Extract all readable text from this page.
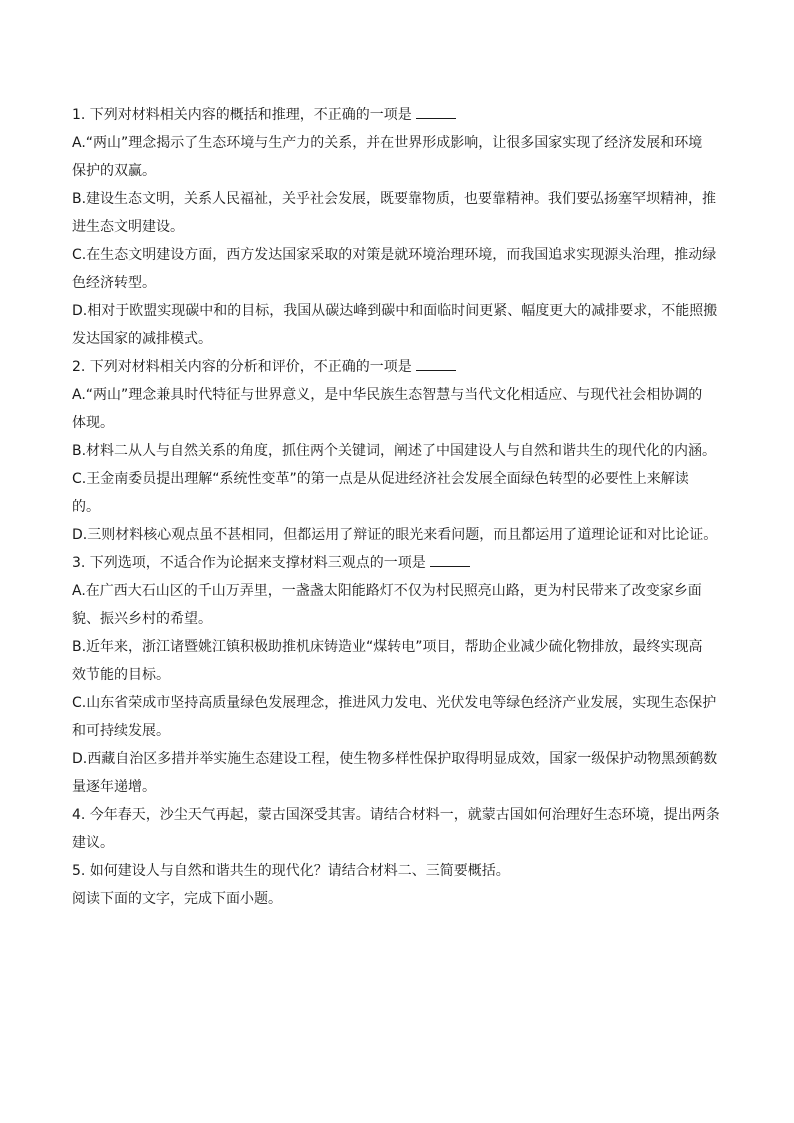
1. 下列对材料相关内容的概括和推理，不正确的一项是
A.“两山”理念揭示了生态环境与生产力的关系，并在世界形成影响，让很多国家实现了经济发展和环境
保护的双赢。
B.建设生态文明，关系人民福祉，关乎社会发展，既要靠物质，也要靠精神。我们要弘扬塞罕坝精神，推
进生态文明建设。
C.在生态文明建设方面，西方发达国家采取的对策是就环境治理环境，而我国追求实现源头治理，推动绿
色经济转型。
D.相对于欧盟实现碳中和的目标，我国从碳达峰到碳中和面临时间更紧、幅度更大的减排要求，不能照搬
发达国家的减排模式。
2. 下列对材料相关内容的分析和评价，不正确的一项是
A.“两山”理念兼具时代特征与世界意义，是中华民族生态智慧与当代文化相适应、与现代社会相协调的
体现。
B.材料二从人与自然关系的角度，抓住两个关键词，阐述了中国建设人与自然和谐共生的现代化的内涵。
C.王金南委员提出理解“系统性变革”的第一点是从促进经济社会发展全面绿色转型的必要性上来解读
的。
D.三则材料核心观点虽不甚相同，但都运用了辩证的眼光来看问题，而且都运用了道理论证和对比论证。
3. 下列选项，不适合作为论据来支撑材料三观点的一项是
A.在广西大石山区的千山万弄里，一盏盏太阳能路灯不仅为村民照亮山路，更为村民带来了改变家乡面
貌、振兴乡村的希望。
B.近年来，浙江诸暨姚江镇积极助推机床铸造业“煤转电”项目，帮助企业减少硫化物排放，最终实现高
效节能的目标。
C.山东省荣成市坚持高质量绿色发展理念，推进风力发电、光伏发电等绿色经济产业发展，实现生态保护
和可持续发展。
D.西藏自治区多措并举实施生态建设工程，使生物多样性保护取得明显成效，国家一级保护动物黑颈鹤数
量逐年递增。
4. 今年春天，沙尘天气再起，蒙古国深受其害。请结合材料一，就蒙古国如何治理好生态环境，提出两条
建议。
5. 如何建设人与自然和谐共生的现代化？请结合材料二、三简要概括。
阅读下面的文字，完成下面小题。
